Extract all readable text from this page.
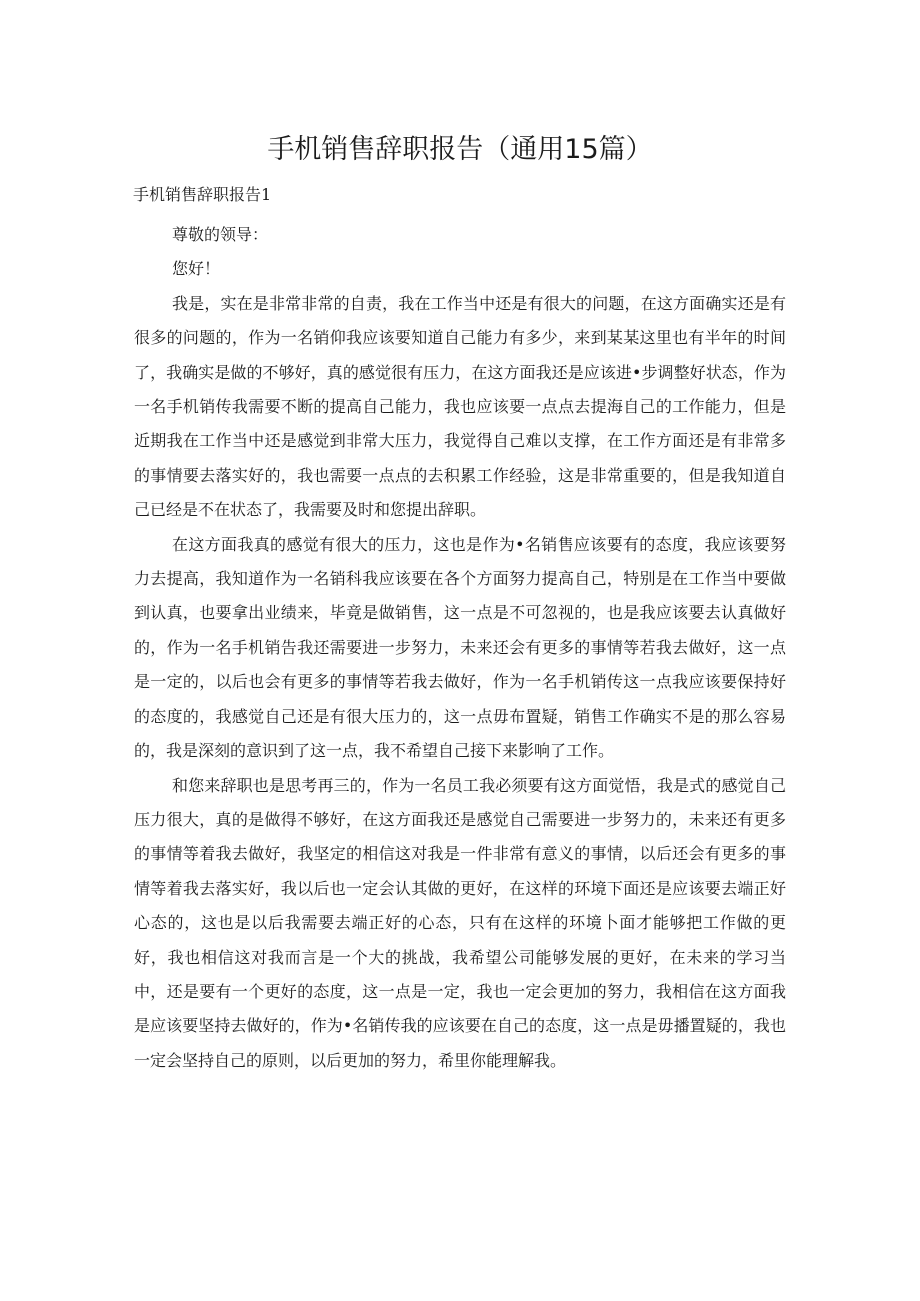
手机销售辞职报告（通用15篇）
手机销售辞职报告1

尊敬的领导：

您好！

我是，实在是非常非常的自责，我在工作当中还是有很大的问题，在这方面确实还是有很多的问题的，作为一名销仰我应该要知道自己能力有多少，来到某某这里也有半年的时间了，我确实是做的不够好，真的感觉很有压力，在这方面我还是应该进•步调整好状态，作为一名手机销传我需要不断的提高自己能力，我也应该要一点点去提海自己的工作能力，但是近期我在工作当中还是感觉到非常大压力，我觉得自己难以支撑，在工作方面还是有非常多的事情要去落实好的，我也需要一点点的去积累工作经验，这是非常重要的，但是我知道自己已经是不在状态了，我需要及时和您提出辞职。

在这方面我真的感觉有很大的压力，这也是作为•名销售应该要有的态度，我应该要努力去提高，我知道作为一名销科我应该要在各个方面努力提高自己，特别是在工作当中要做到认真，也要拿出业绩来，毕竟是做销售，这一点是不可忽视的，也是我应该要去认真做好的，作为一名手机销告我还需要进一步努力，未来还会有更多的事情等若我去做好，这一点是一定的，以后也会有更多的事情等若我去做好，作为一名手机销传这一点我应该要保持好的态度的，我感觉自己还是有很大压力的，这一点毋布置疑，销售工作确实不是的那么容易的，我是深刻的意识到了这一点，我不希望自己接下来影响了工作。

和您来辞职也是思考再三的，作为一名员工我必须要有这方面觉悟，我是式的感觉自己压力很大，真的是做得不够好，在这方面我还是感觉自己需要进一步努力的，未来还有更多的事情等着我去做好，我坚定的相信这对我是一件非常有意义的事情，以后还会有更多的事情等着我去落实好，我以后也一定会认其做的更好，在这样的环境下面还是应该要去端正好心态的，这也是以后我需要去端正好的心态，只有在这样的环境卜面才能够把工作做的更好，我也相信这对我而言是一个大的挑战，我希望公司能够发展的更好，在未来的学习当中，还是要有一个更好的态度，这一点是一定，我也一定会更加的努力，我相信在这方面我是应该要坚持去做好的，作为•名销传我的应该要在自己的态度，这一点是毋播置疑的，我也一定会坚持自己的原则，以后更加的努力，希里你能理解我。
